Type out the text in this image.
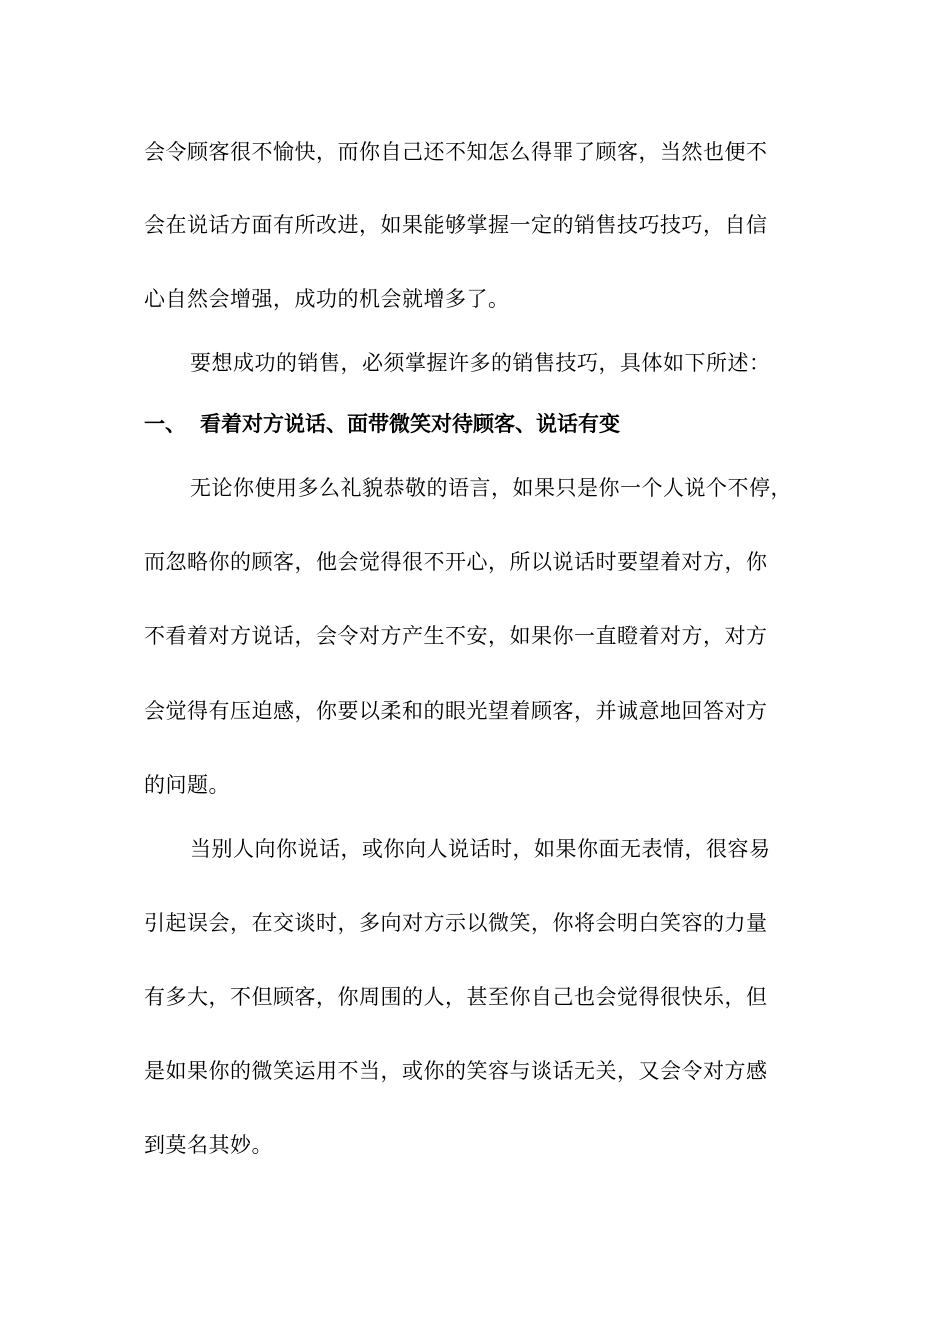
会令顾客很不愉快，而你自己还不知怎么得罪了顾客，当然也便不
会在说话方面有所改进，如果能够掌握一定的销售技巧技巧，自信
心自然会增强，成功的机会就增多了。
要想成功的销售，必须掌握许多的销售技巧，具体如下所述：
一、 看着对方说话、面带微笑对待顾客、说话有变
无论你使用多么礼貌恭敬的语言，如果只是你一个人说个不停，
而忽略你的顾客，他会觉得很不开心，所以说话时要望着对方，你
不看着对方说话，会令对方产生不安，如果你一直瞪着对方，对方
会觉得有压迫感，你要以柔和的眼光望着顾客，并诚意地回答对方
的问题。
当别人向你说话，或你向人说话时，如果你面无表情，很容易
引起误会，在交谈时，多向对方示以微笑，你将会明白笑容的力量
有多大，不但顾客，你周围的人，甚至你自己也会觉得很快乐，但
是如果你的微笑运用不当，或你的笑容与谈话无关，又会令对方感
到莫名其妙。
